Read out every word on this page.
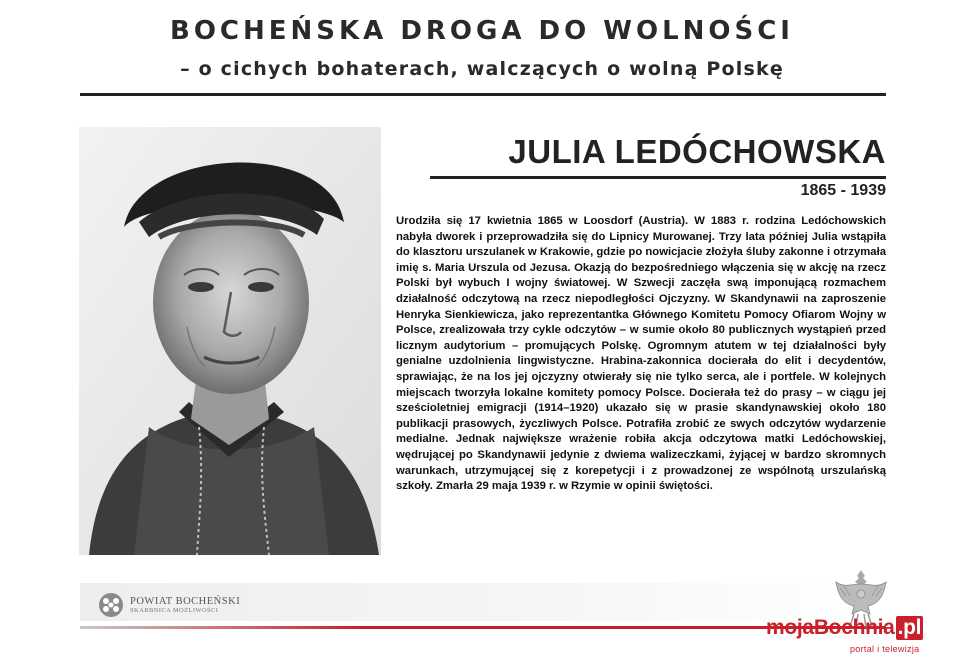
BOCHEŃSKA DROGA DO WOLNOŚCI
– o cichych bohaterach, walczących o wolną Polskę
JULIA LEDÓCHOWSKA
1865 - 1939
Urodziła się 17 kwietnia 1865 w Loosdorf (Austria). W 1883 r. rodzina Ledóchowskich nabyła dworek i przeprowadziła się do Lipnicy Murowanej. Trzy lata później Julia wstąpiła do klasztoru urszulanek w Krakowie, gdzie po nowicjacie złożyła śluby zakonne i otrzymała imię s. Maria Urszula od Jezusa. Okazją do bezpośredniego włączenia się w akcję na rzecz Polski był wybuch I wojny światowej. W Szwecji zaczęła swą imponującą rozmachem działalność odczytową na rzecz niepodległości Ojczyzny. W Skandynawii na zaproszenie Henryka Sienkiewicza, jako reprezentantka Głównego Komitetu Pomocy Ofiarom Wojny w Polsce, zrealizowała trzy cykle odczytów – w sumie około 80 publicznych wystąpień przed licznym audytorium – promujących Polskę. Ogromnym atutem w tej działalności były genialne uzdolnienia lingwistyczne. Hrabina-zakonnica docierała do elit i decydentów, sprawiając, że na los jej ojczyzny otwierały się nie tylko serca, ale i portfele. W kolejnych miejscach tworzyła lokalne komitety pomocy Polsce. Docierała też do prasy – w ciągu jej sześcioletniej emigracji (1914–1920) ukazało się w prasie skandynawskiej około 180 publikacji prasowych, życzliwych Polsce. Potrafiła zrobić ze swych odczytów wydarzenie medialne. Jednak największe wrażenie robiła akcja odczytowa matki Ledóchowskiej, wędrującej po Skandynawii jedynie z dwiema walizeczkami, żyjącej w bardzo skromnych warunkach, utrzymującej się z korepetycji i z prowadzonej ze wspólnotą urszulańską szkoły. Zmarła 29 maja 1939 r. w Rzymie w opinii świętości.
POWIAT BOCHEŃSKI
SKARBNICA MOŻLIWOŚCI
mojaBochnia .pl
portal i telewizja
